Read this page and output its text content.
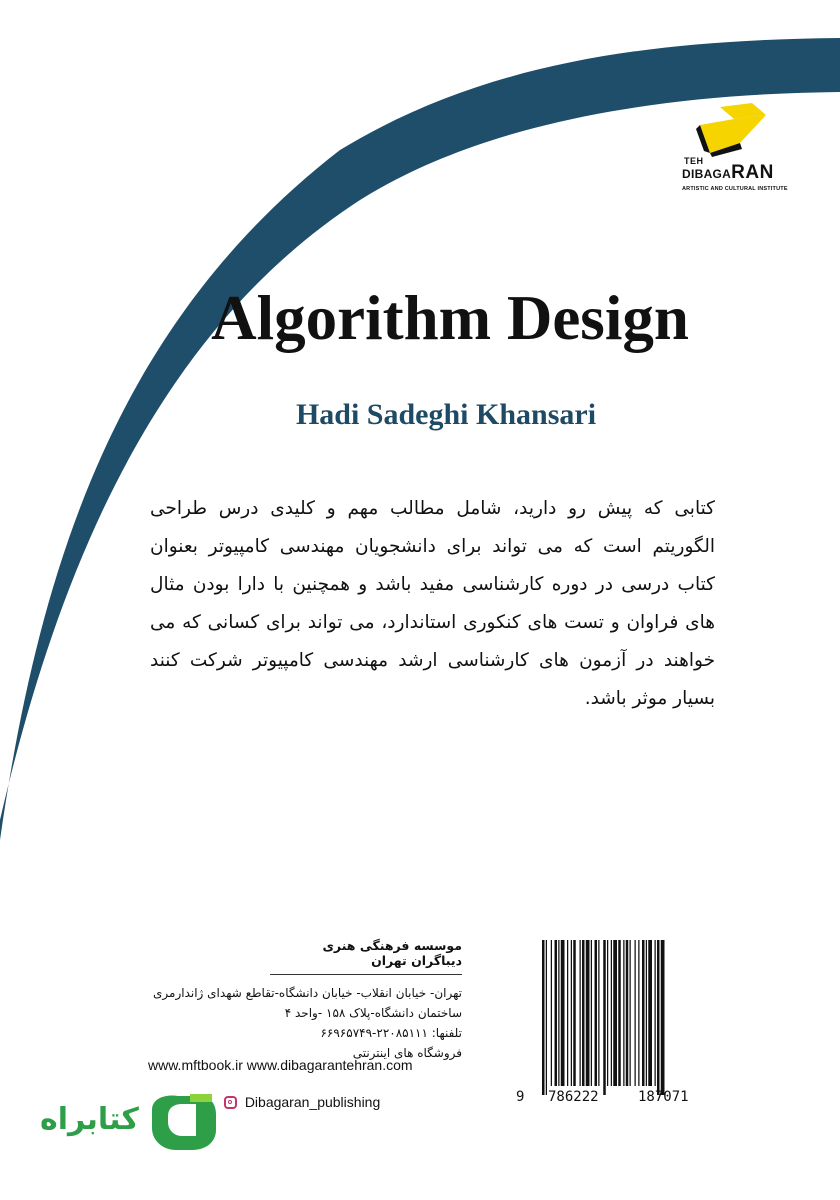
TEH
DIBAGARAN
ARTISTIC AND CULTURAL INSTITUTE
Algorithm Design
Hadi Sadeghi Khansari

کتابی که پیش رو دارید، شامل مطالب مهم و کلیدی درس طراحی الگوریتم است که می تواند برای دانشجویان مهندسی کامپیوتر بعنوان کتاب درسی در دوره کارشناسی مفید باشد و همچنین با دارا بودن مثال های فراوان و تست های کنکوری استاندارد، می تواند برای کسانی که می خواهند در آزمون های کارشناسی ارشد مهندسی کامپیوتر شرکت کنند بسیار موثر باشد.

موسسه فرهنگی هنری دیباگران تهران
تهران- خیابان انقلاب- خیابان دانشگاه-تقاطع شهدای ژاندارمری
ساختمان دانشگاه-پلاک ۱۵۸ -واحد ۴
تلفنها: ۲۲۰۸۵۱۱۱-۶۶۹۶۵۷۴۹
فروشگاه های اینترنتی
www.mftbook.ir www.dibagarantehran.com
Dibagaran_publishing	9 786222	187071
کتابراه
